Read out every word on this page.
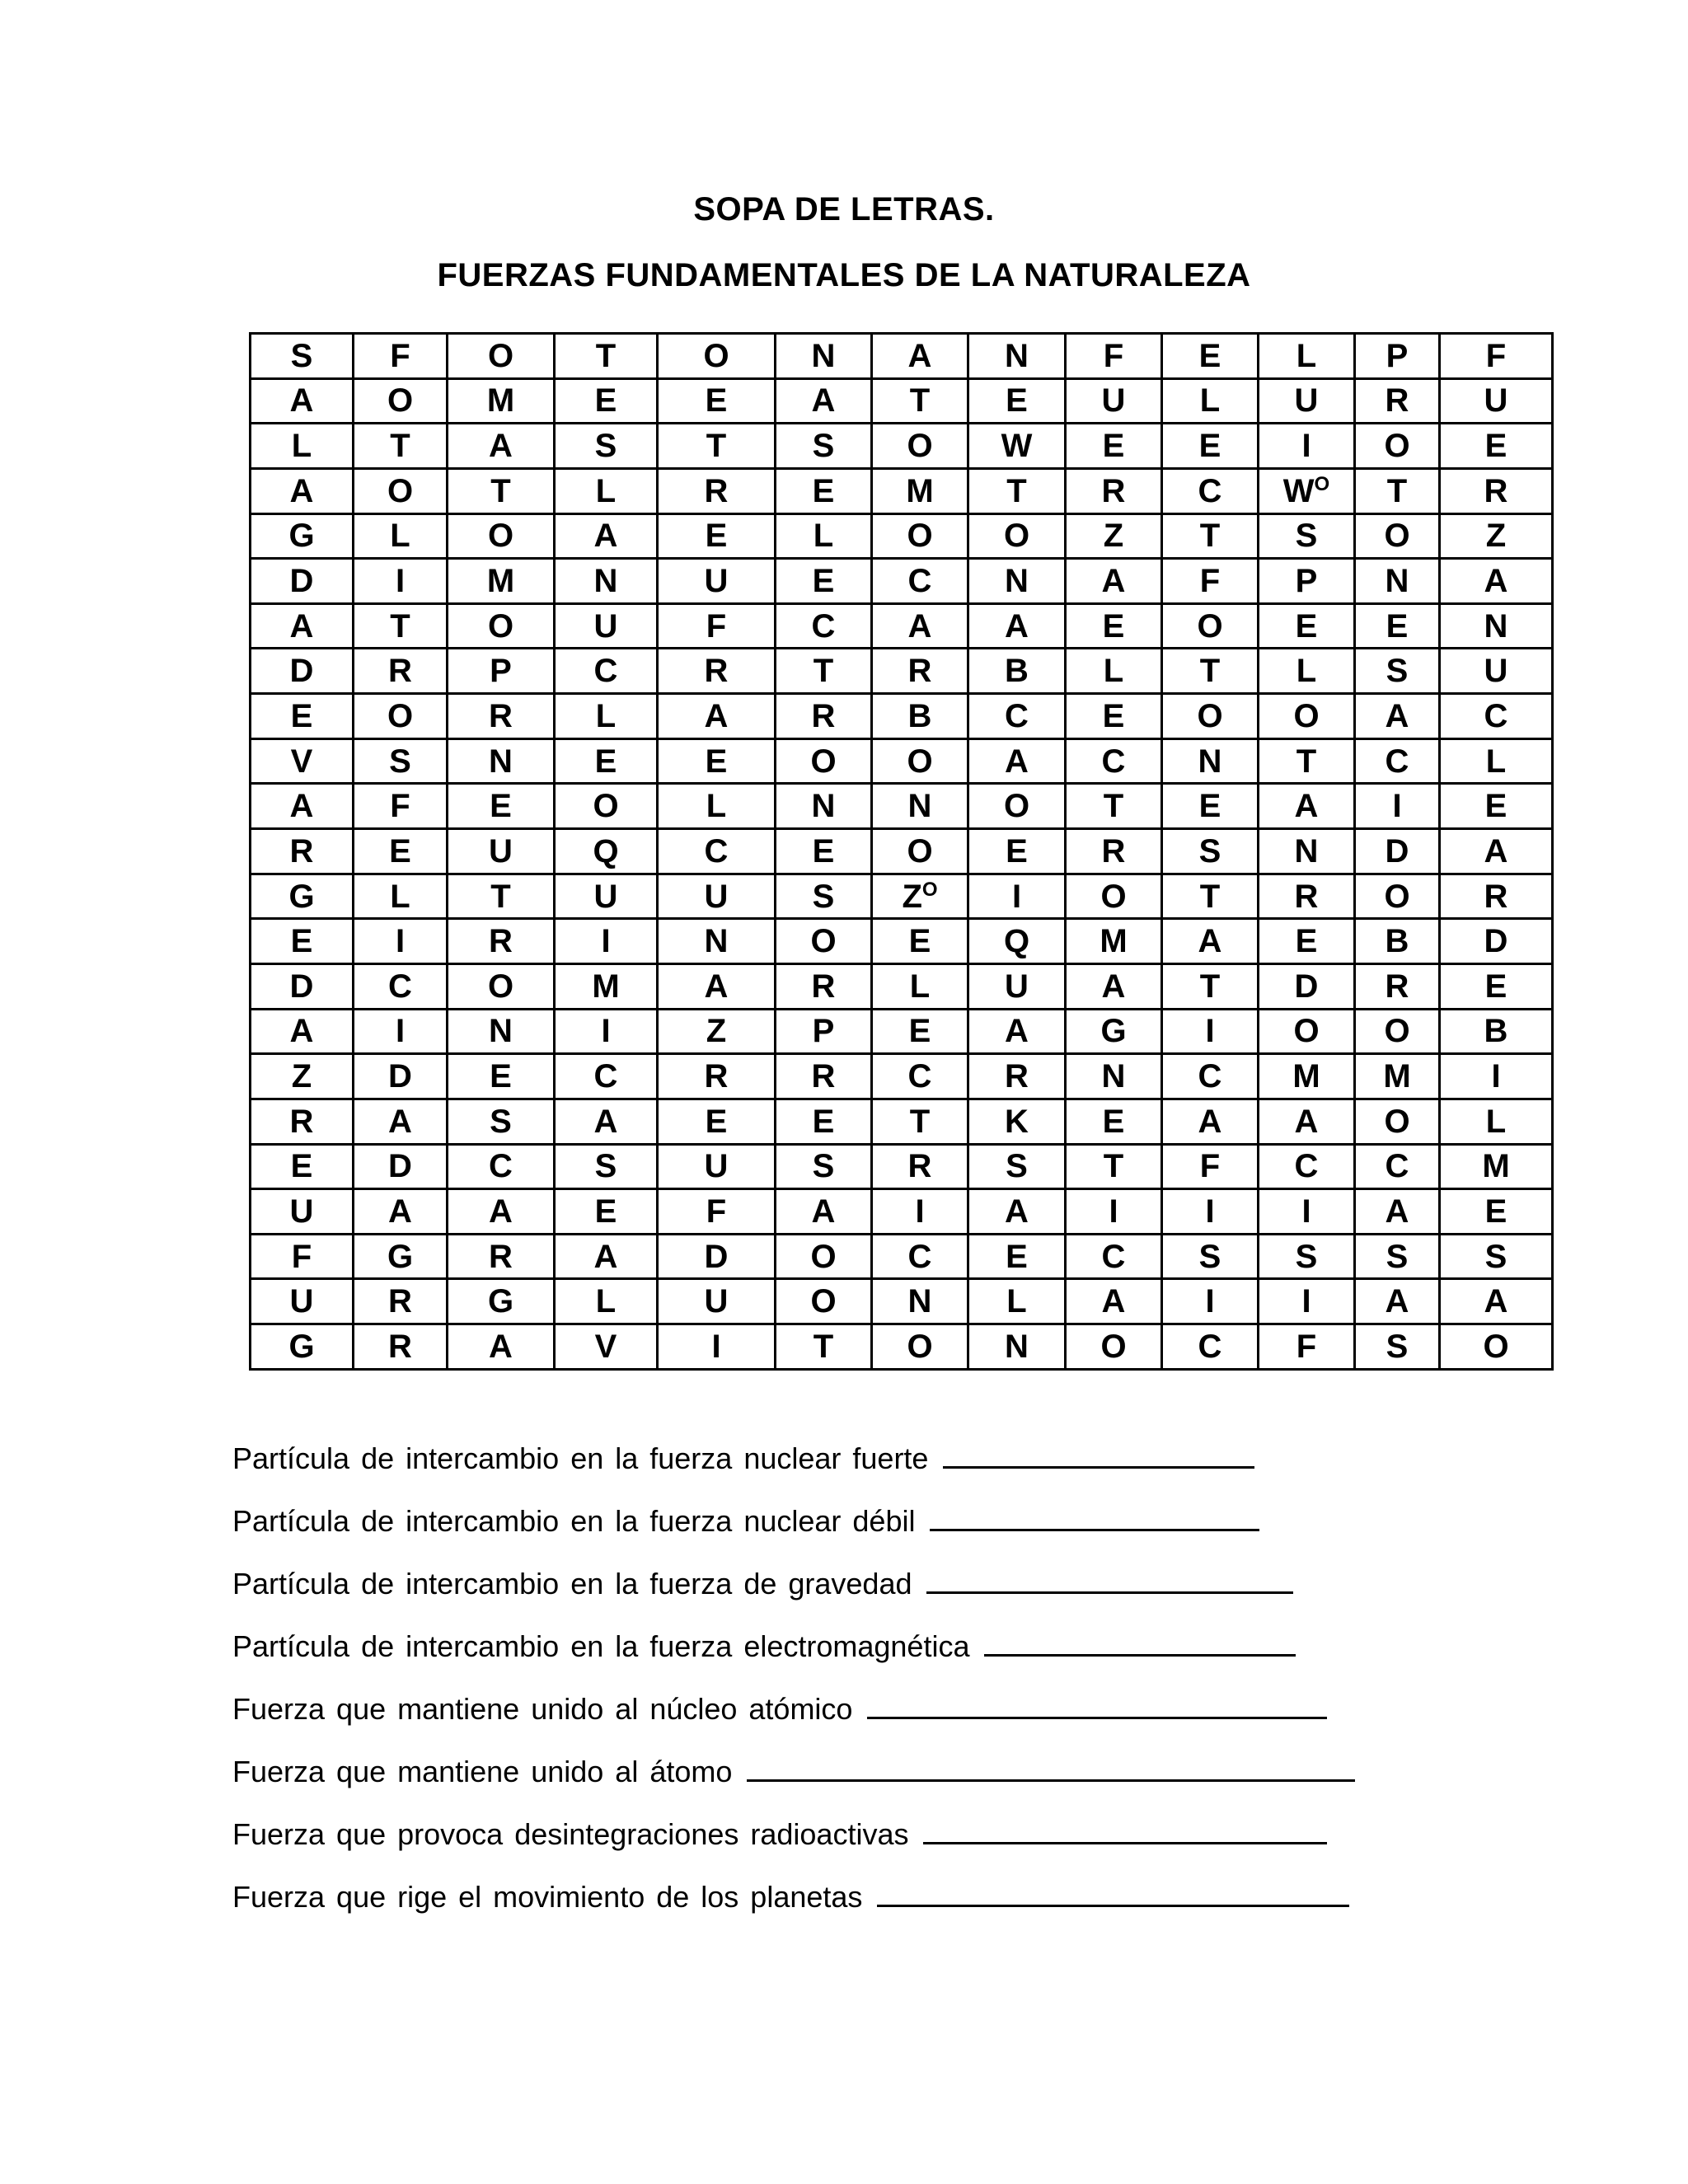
SOPA DE LETRAS.
FUERZAS FUNDAMENTALES DE LA NATURALEZA
S	F	O	T	O	N	A	N	F	E	L	P	F
A	O	M	E	E	A	T	E	U	L	U	R	U
L	T	A	S	T	S	O	W	E	E	I	O	E
A	O	T	L	R	E	M	T	R	C	$W^O$	T	R
G	L	O	A	E	L	O	O	Z	T	S	O	Z
D	I	M	N	U	E	C	N	A	F	P	N	A
A	T	O	U	F	C	A	A	E	O	E	E	N
D	R	P	C	R	T	R	B	L	T	L	S	U
E	O	R	L	A	R	B	C	E	O	O	A	C
V	S	N	E	E	O	O	A	C	N	T	C	L
A	F	E	O	L	N	N	O	T	E	A	I	E
R	E	U	Q	C	E	O	E	R	S	N	D	A
G	L	T	U	U	S	$Z^O$	I	O	T	R	O	R
E	I	R	I	N	O	E	Q	M	A	E	B	D
D	C	O	M	A	R	L	U	A	T	D	R	E
A	I	N	I	Z	P	E	A	G	I	O	O	B
Z	D	E	C	R	R	C	R	N	C	M	M	I
R	A	S	A	E	E	T	K	E	A	A	O	L
E	D	C	S	U	S	R	S	T	F	C	C	M
U	A	A	E	F	A	I	A	I	I	I	A	E
F	G	R	A	D	O	C	E	C	S	S	S	S
U	R	G	L	U	O	N	L	A	I	I	A	A
G	R	A	V	I	T	O	N	O	C	F	S	O
Partícula de intercambio en la fuerza nuclear fuerte
Partícula de intercambio en la fuerza nuclear débil
Partícula de intercambio en la fuerza de gravedad
Partícula de intercambio en la fuerza electromagnética
Fuerza que mantiene unido al núcleo atómico
Fuerza que mantiene unido al átomo
Fuerza que provoca desintegraciones radioactivas
Fuerza que rige el movimiento de los planetas
